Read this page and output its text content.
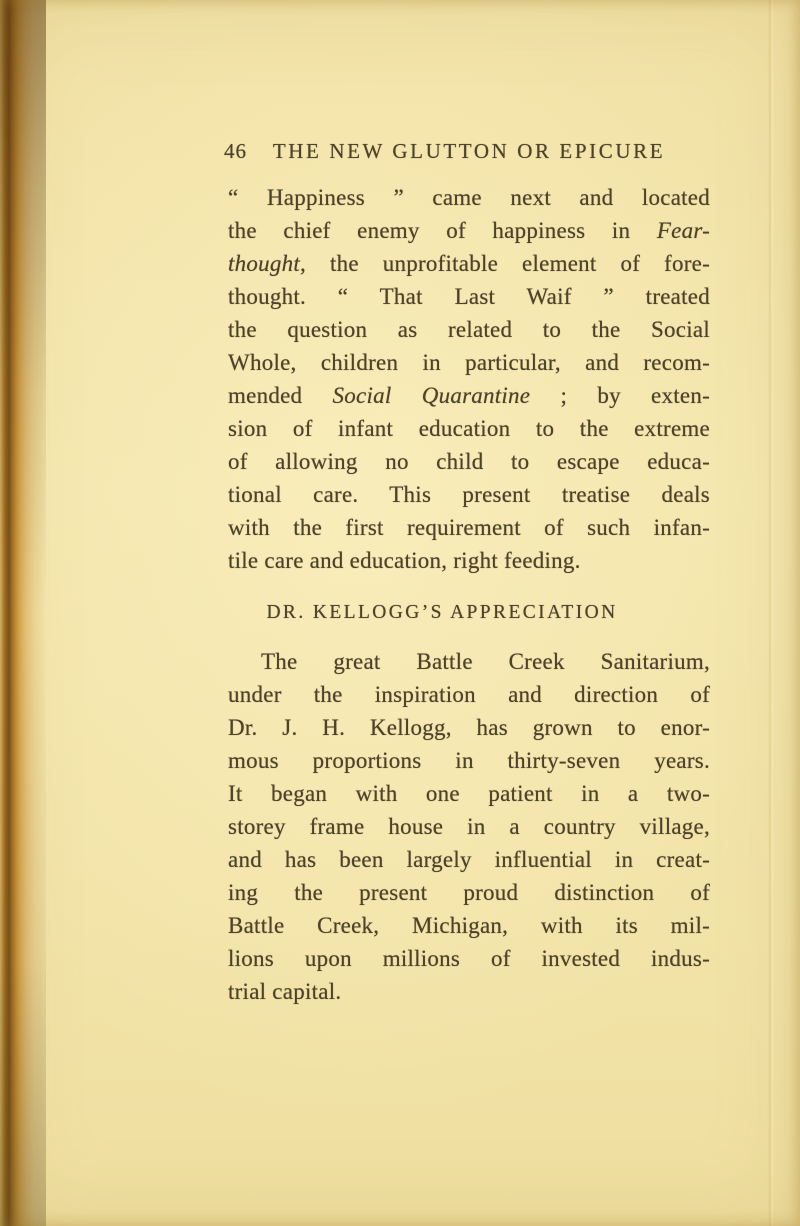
46 THE NEW GLUTTON OR EPICURE
“ Happiness ” came next and located
the chief enemy of happiness in Fear-
thought, the unprofitable element of fore-
thought. “ That Last Waif ” treated
the question as related to the Social
Whole, children in particular, and recom-
mended Social Quarantine ; by exten-
sion of infant education to the extreme
of allowing no child to escape educa-
tional care. This present treatise deals
with the first requirement of such infan-
tile care and education, right feeding.
DR. KELLOGG’S APPRECIATION
The great Battle Creek Sanitarium,
under the inspiration and direction of
Dr. J. H. Kellogg, has grown to enor-
mous proportions in thirty-seven years.
It began with one patient in a two-
storey frame house in a country village,
and has been largely influential in creat-
ing the present proud distinction of
Battle Creek, Michigan, with its mil-
lions upon millions of invested indus-
trial capital.
